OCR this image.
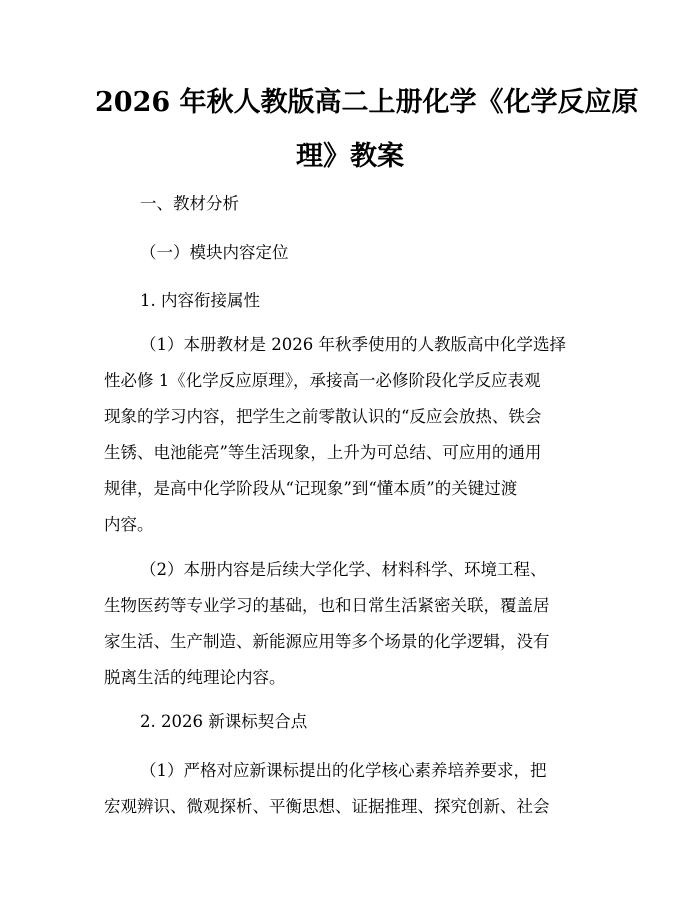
2026 年秋人教版高二上册化学《化学反应原
理》教案

一、教材分析

（一）模块内容定位

1. 内容衔接属性

（1）本册教材是 2026 年秋季使用的人教版高中化学选择
性必修 1《化学反应原理》，承接高一必修阶段化学反应表观
现象的学习内容，把学生之前零散认识的“反应会放热、铁会
生锈、电池能亮”等生活现象，上升为可总结、可应用的通用
规律，是高中化学阶段从“记现象”到“懂本质”的关键过渡
内容。
（2）本册内容是后续大学化学、材料科学、环境工程、
生物医药等专业学习的基础，也和日常生活紧密关联，覆盖居
家生活、生产制造、新能源应用等多个场景的化学逻辑，没有
脱离生活的纯理论内容。

2. 2026 新课标契合点

（1）严格对应新课标提出的化学核心素养培养要求，把
宏观辨识、微观探析、平衡思想、证据推理、探究创新、社会
